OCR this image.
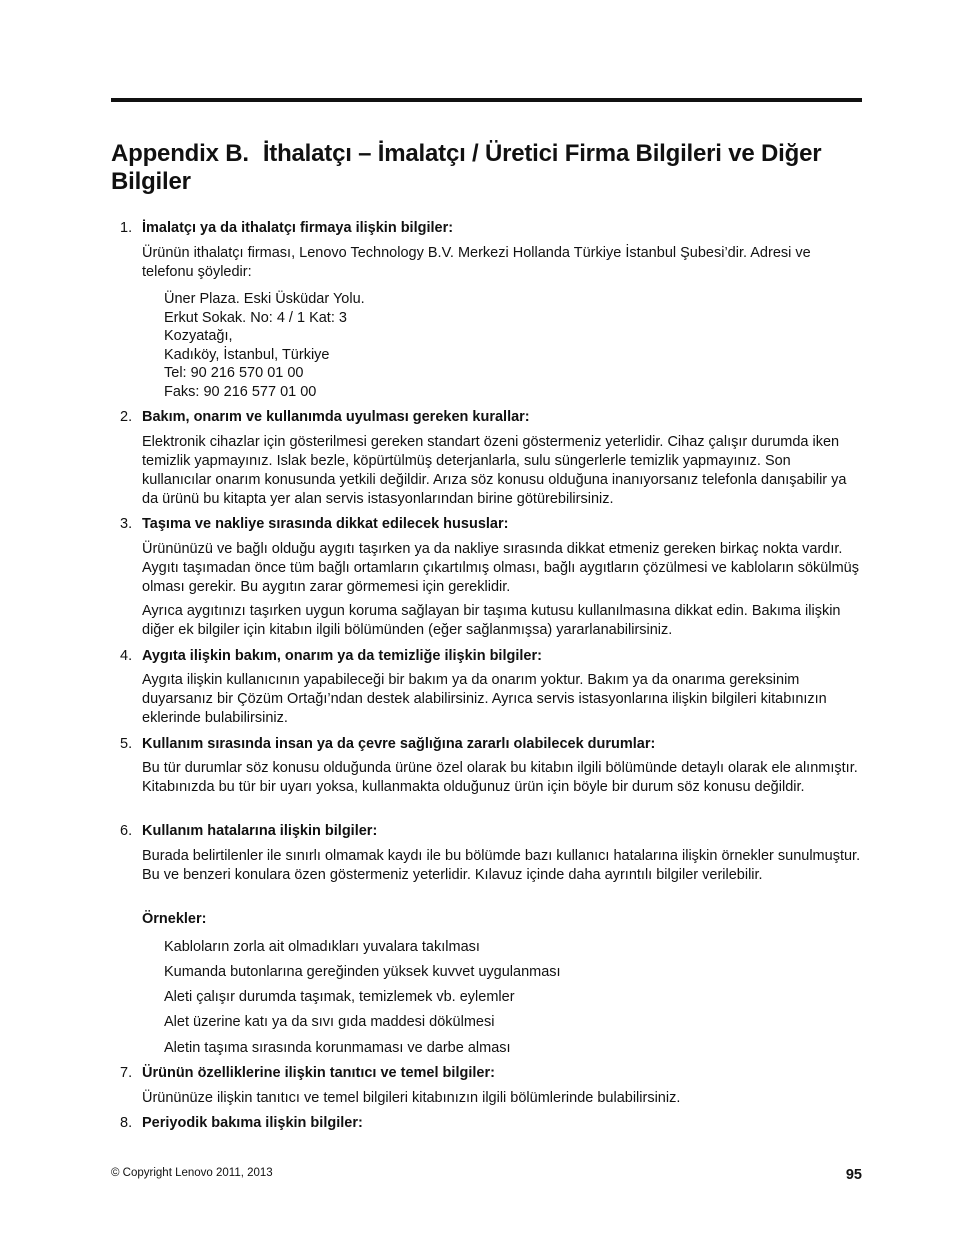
Appendix B. İthalatçı – İmalatçı / Üretici Firma Bilgileri ve Diğer Bilgiler
1. İmalatçı ya da ithalatçı firmaya ilişkin bilgiler:

Ürünün ithalatçı firması, Lenovo Technology B.V. Merkezi Hollanda Türkiye İstanbul Şubesi’dir. Adresi ve telefonu şöyledir:

Üner Plaza. Eski Üsküdar Yolu.
Erkut Sokak. No: 4 / 1 Kat: 3
Kozyatağı,
Kadıköy, İstanbul, Türkiye
Tel: 90 216 570 01 00
Faks: 90 216 577 01 00
2. Bakım, onarım ve kullanımda uyulması gereken kurallar:

Elektronik cihazlar için gösterilmesi gereken standart özeni göstermeniz yeterlidir. Cihaz çalışır durumda iken temizlik yapmayınız. Islak bezle, köpürtülmüş deterjanlarla, sulu süngerlerle temizlik yapmayınız. Son kullanıcılar onarım konusunda yetkili değildir. Arıza söz konusu olduğuna inanıyorsanız telefonla danışabilir ya da ürünü bu kitapta yer alan servis istasyonlarından birine götürebilirsiniz.

3. Taşıma ve nakliye sırasında dikkat edilecek hususlar:

Ürününüzü ve bağlı olduğu aygıtı taşırken ya da nakliye sırasında dikkat etmeniz gereken birkaç nokta vardır. Aygıtı taşımadan önce tüm bağlı ortamların çıkartılmış olması, bağlı aygıtların çözülmesi ve kabloların sökülmüş olması gerekir. Bu aygıtın zarar görmemesi için gereklidir.

Ayrıca aygıtınızı taşırken uygun koruma sağlayan bir taşıma kutusu kullanılmasına dikkat edin. Bakıma ilişkin diğer ek bilgiler için kitabın ilgili bölümünden (eğer sağlanmışsa) yararlanabilirsiniz.

4. Aygıta ilişkin bakım, onarım ya da temizliğe ilişkin bilgiler:

Aygıta ilişkin kullanıcının yapabileceği bir bakım ya da onarım yoktur. Bakım ya da onarıma gereksinim duyarsanız bir Çözüm Ortağı’ndan destek alabilirsiniz. Ayrıca servis istasyonlarına ilişkin bilgileri kitabınızın eklerinde bulabilirsiniz.

5. Kullanım sırasında insan ya da çevre sağlığına zararlı olabilecek durumlar:

Bu tür durumlar söz konusu olduğunda ürüne özel olarak bu kitabın ilgili bölümünde detaylı olarak ele alınmıştır. Kitabınızda bu tür bir uyarı yoksa, kullanmakta olduğunuz ürün için böyle bir durum söz konusu değildir.

6. Kullanım hatalarına ilişkin bilgiler:

Burada belirtilenler ile sınırlı olmamak kaydı ile bu bölümde bazı kullanıcı hatalarına ilişkin örnekler sunulmuştur. Bu ve benzeri konulara özen göstermeniz yeterlidir. Kılavuz içinde daha ayrıntılı bilgiler verilebilir.

Örnekler:
Kabloların zorla ait olmadıkları yuvalara takılması
Kumanda butonlarına gereğinden yüksek kuvvet uygulanması
Aleti çalışır durumda taşımak, temizlemek vb. eylemler
Alet üzerine katı ya da sıvı gıda maddesi dökülmesi
Aletin taşıma sırasında korunmaması ve darbe alması
7. Ürünün özelliklerine ilişkin tanıtıcı ve temel bilgiler:

Ürününüze ilişkin tanıtıcı ve temel bilgileri kitabınızın ilgili bölümlerinde bulabilirsiniz.

8. Periyodik bakıma ilişkin bilgiler:
© Copyright Lenovo 2011, 2013	95
